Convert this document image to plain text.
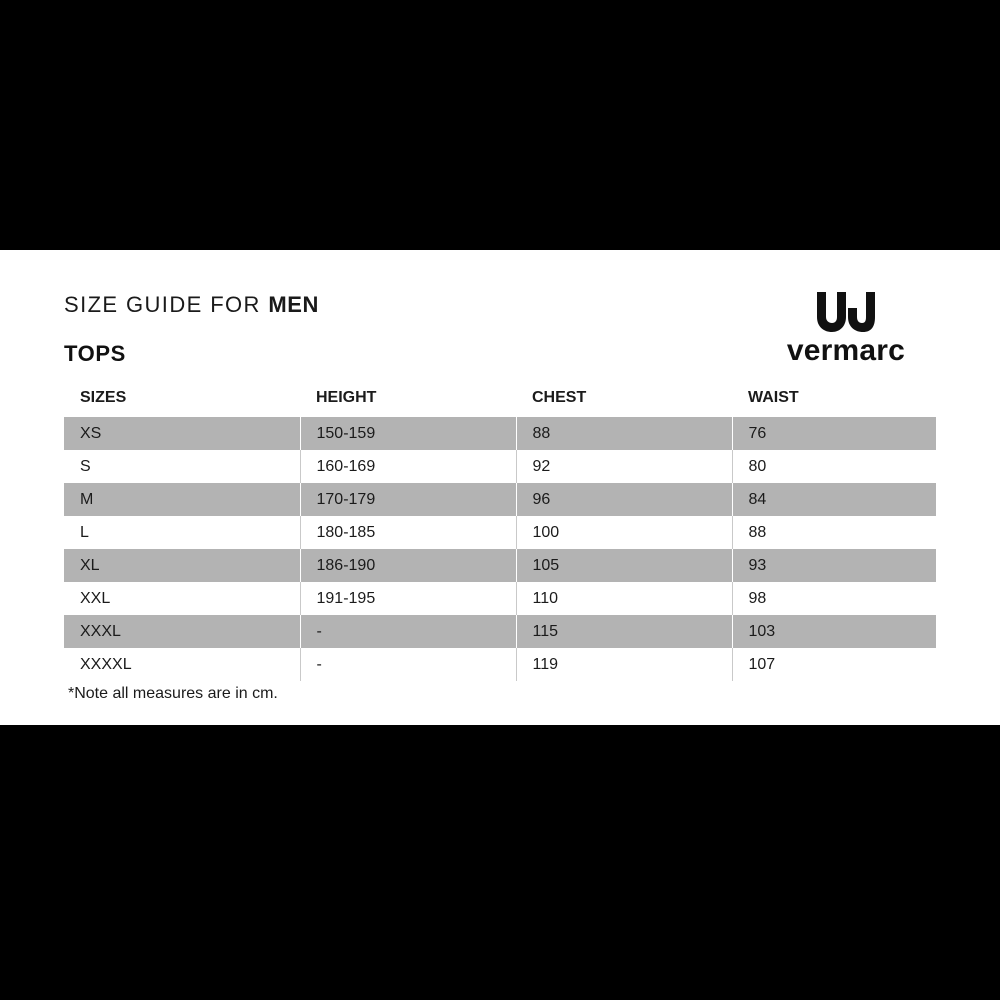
SIZE GUIDE FOR MEN
TOPS	vermarc
SIZES	HEIGHT	CHEST	WAIST
XS	150-159	88	76
S	160-169	92	80
M	170-179	96	84
L	180-185	100	88
XL	186-190	105	93
XXL	191-195	110	98
XXXL	-	115	103
XXXXL	-	119	107
*Note all measures are in cm.
